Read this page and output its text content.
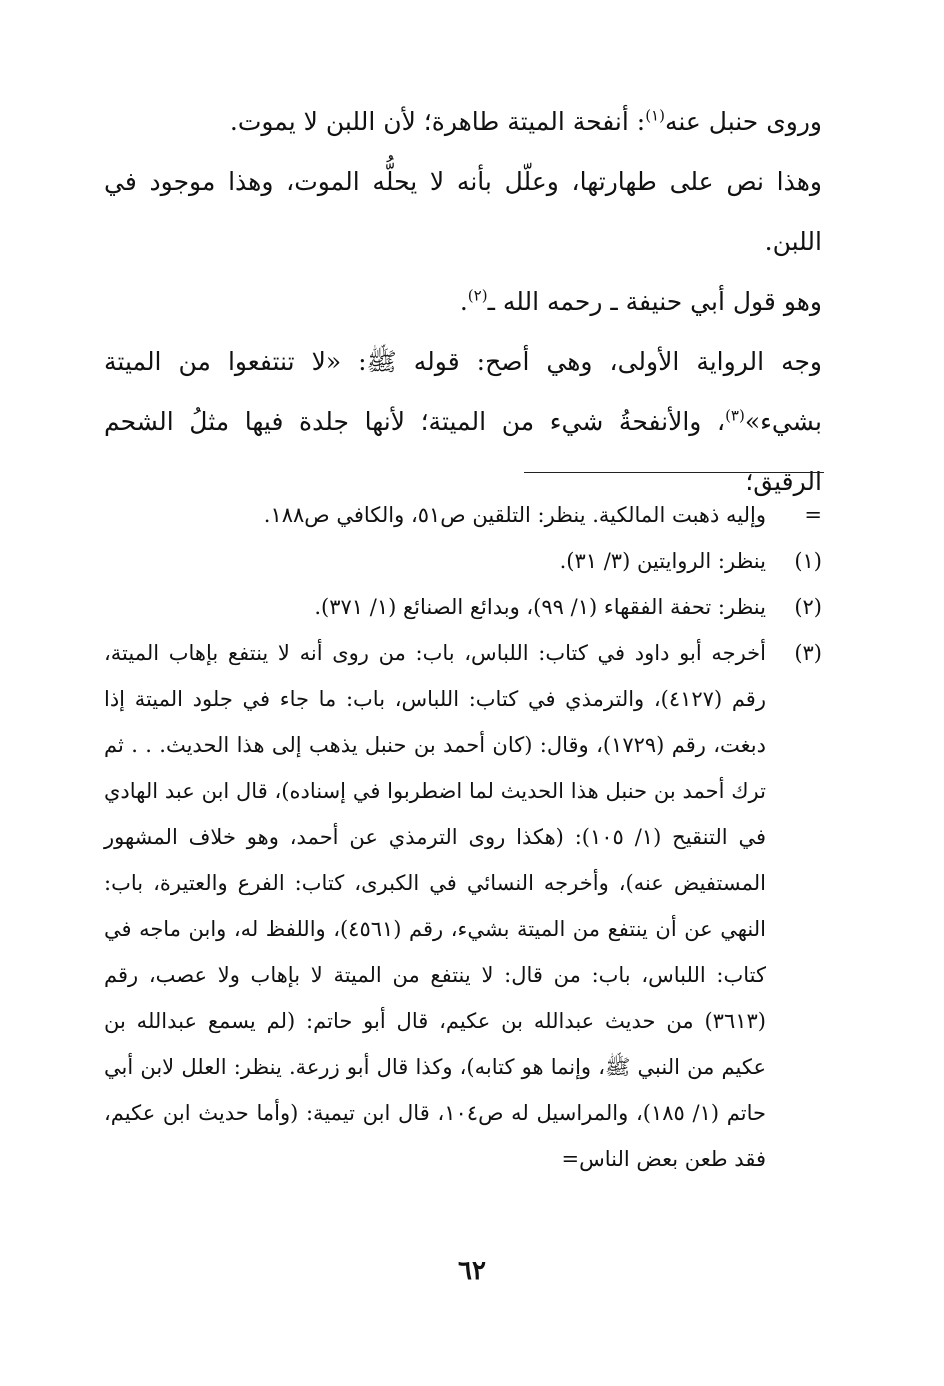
وروى حنبل عنه$^{(١)}$: أنفحة الميتة طاهرة؛ لأن اللبن لا يموت.

وهذا نص على طهارتها، وعلّل بأنه لا يحلُّه الموت، وهذا موجود في اللبن.

وهو قول أبي حنيفة ـ رحمه الله ـ$^{(٢)}$.

وجه الرواية الأولى، وهي أصح: قوله ﷺ: «لا تنتفعوا من الميتة بشيء»$^{(٣)}$، والأنفحةُ شيء من الميتة؛ لأنها جلدة فيها مثلُ الشحم الرقيق؛

=
وإليه ذهبت المالكية. ينظر: التلقين ص٥١، والكافي ص١٨٨.
(١)
ينظر: الروايتين (٣/ ٣١).
(٢)
ينظر: تحفة الفقهاء (١/ ٩٩)، وبدائع الصنائع (١/ ٣٧١).
(٣)
أخرجه أبو داود في كتاب: اللباس، باب: من روى أنه لا ينتفع بإهاب الميتة، رقم (٤١٢٧)، والترمذي في كتاب: اللباس، باب: ما جاء في جلود الميتة إذا دبغت، رقم (١٧٢٩)، وقال: (كان أحمد بن حنبل يذهب إلى هذا الحديث. . . ثم ترك أحمد بن حنبل هذا الحديث لما اضطربوا في إسناده)، قال ابن عبد الهادي في التنقيح (١/ ١٠٥): (هكذا روى الترمذي عن أحمد، وهو خلاف المشهور المستفيض عنه)، وأخرجه النسائي في الكبرى، كتاب: الفرع والعتيرة، باب: النهي عن أن ينتفع من الميتة بشيء، رقم (٤٥٦١)، واللفظ له، وابن ماجه في كتاب: اللباس، باب: من قال: لا ينتفع من الميتة لا بإهاب ولا عصب، رقم (٣٦١٣) من حديث عبدالله بن عكيم، قال أبو حاتم: (لم يسمع عبدالله بن عكيم من النبي ﷺ، وإنما هو كتابه)، وكذا قال أبو زرعة. ينظر: العلل لابن أبي حاتم (١/ ١٨٥)، والمراسيل له ص١٠٤، قال ابن تيمية: (وأما حديث ابن عكيم، فقد طعن بعض الناس=
٦٢
